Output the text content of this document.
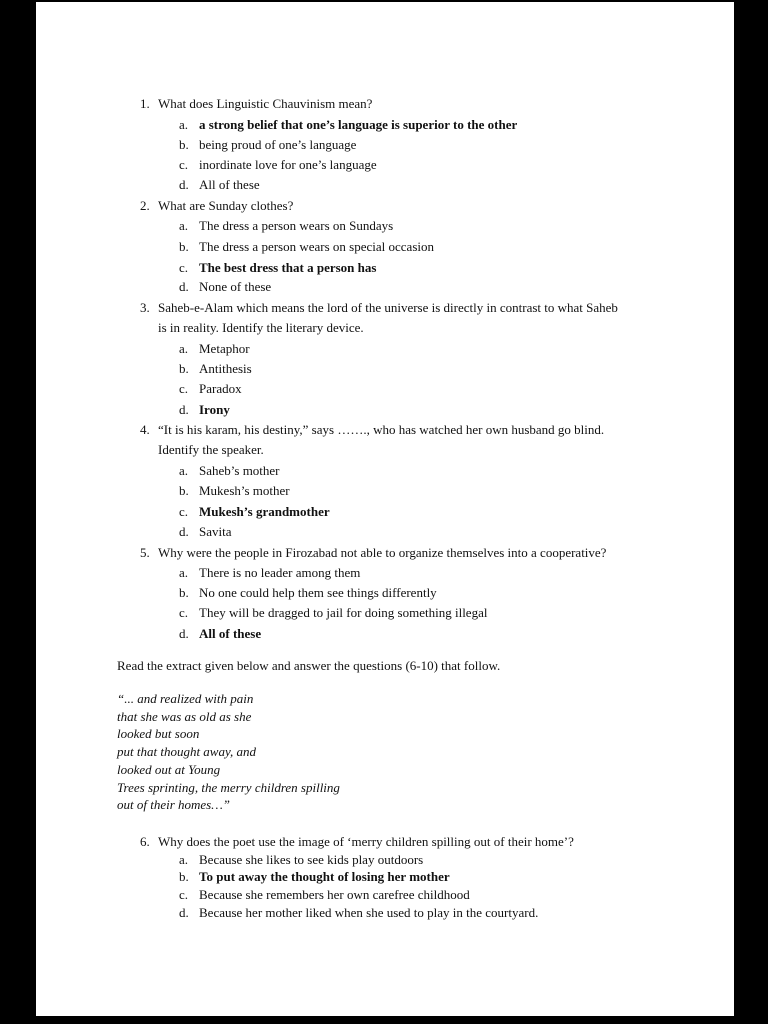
1. What does Linguistic Chauvinism mean?
a. a strong belief that one’s language is superior to the other
b. being proud of one’s language
c. inordinate love for one’s language
d. All of these
2. What are Sunday clothes?
a. The dress a person wears on Sundays
b. The dress a person wears on special occasion
c. The best dress that a person has
d. None of these
3. Saheb-e-Alam which means the lord of the universe is directly in contrast to what Saheb
is in reality. Identify the literary device.
a. Metaphor
b. Antithesis
c. Paradox
d. Irony
4. “It is his karam, his destiny,” says ……., who has watched her own husband go blind.
Identify the speaker.
a. Saheb’s mother
b. Mukesh’s mother
c. Mukesh’s grandmother
d. Savita
5. Why were the people in Firozabad not able to organize themselves into a cooperative?
a. There is no leader among them
b. No one could help them see things differently
c. They will be dragged to jail for doing something illegal
d. All of these
Read the extract given below and answer the questions (6-10) that follow.
“... and realized with pain
that she was as old as she
looked but soon
put that thought away, and
looked out at Young
Trees sprinting, the merry children spilling
out of their homes…”
6. Why does the poet use the image of ‘merry children spilling out of their home’?
a. Because she likes to see kids play outdoors
b. To put away the thought of losing her mother
c. Because she remembers her own carefree childhood
d. Because her mother liked when she used to play in the courtyard.
